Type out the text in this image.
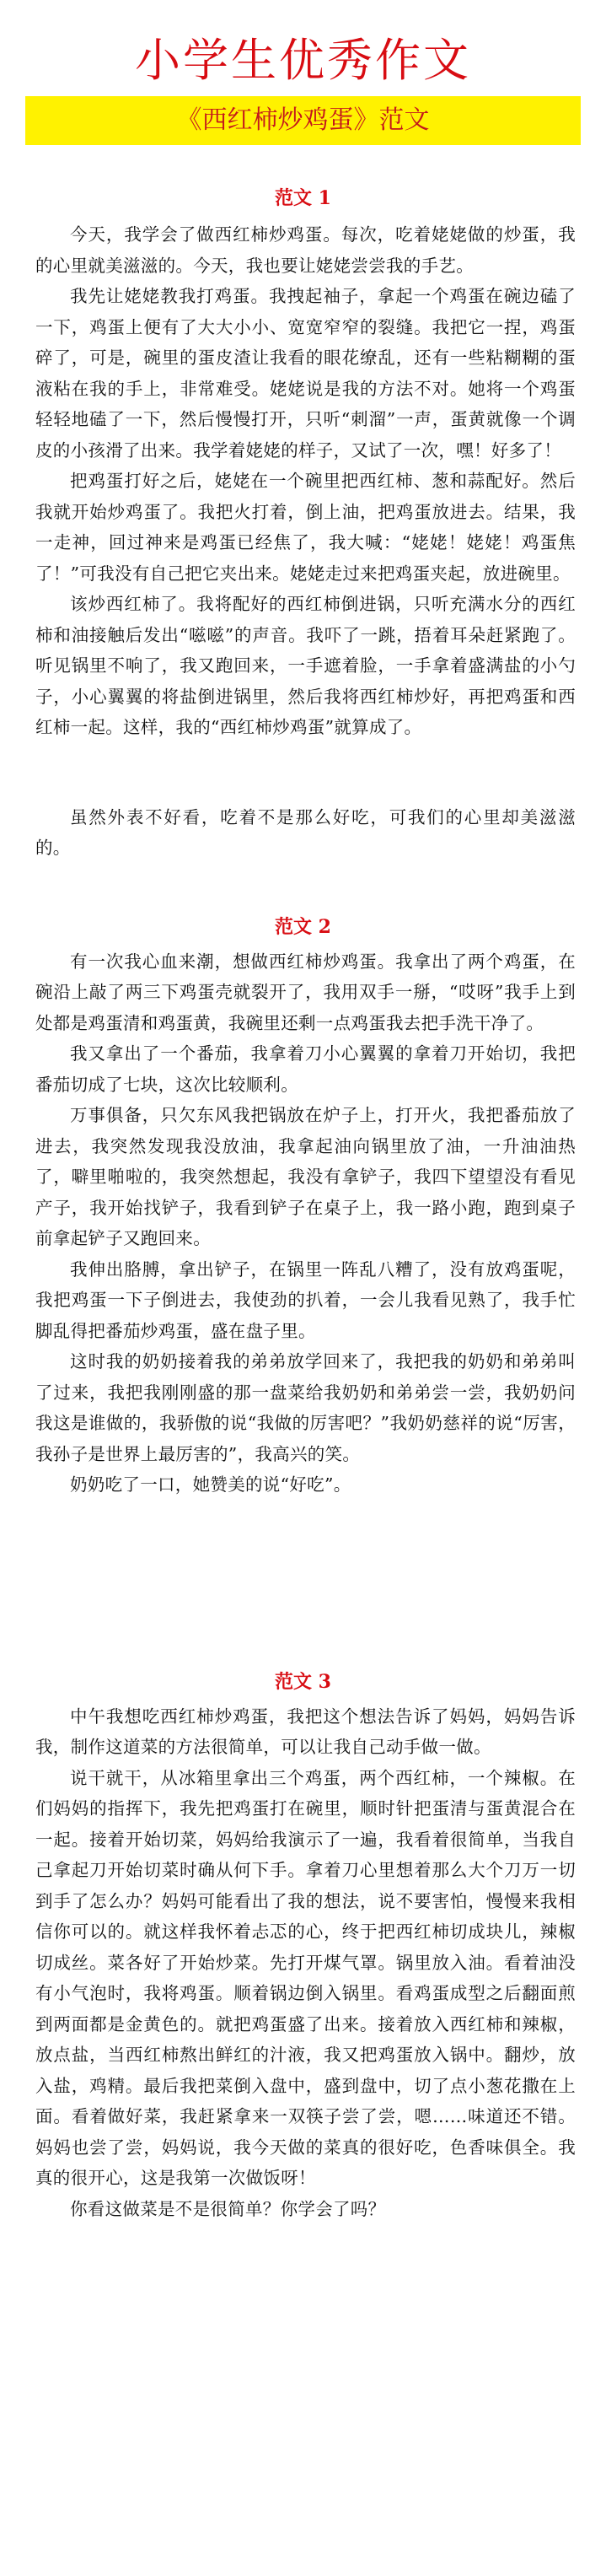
小学生优秀作文
《西红柿炒鸡蛋》范文
范文 1

今天，我学会了做西红柿炒鸡蛋。每次，吃着姥姥做的炒蛋，我的心里就美滋滋的。今天，我也要让姥姥尝尝我的手艺。

我先让姥姥教我打鸡蛋。我拽起袖子，拿起一个鸡蛋在碗边磕了一下，鸡蛋上便有了大大小小、宽宽窄窄的裂缝。我把它一捏，鸡蛋碎了，可是，碗里的蛋皮渣让我看的眼花缭乱，还有一些粘糊糊的蛋液粘在我的手上，非常难受。姥姥说是我的方法不对。她将一个鸡蛋轻轻地磕了一下，然后慢慢打开，只听“刺溜”一声，蛋黄就像一个调皮的小孩滑了出来。我学着姥姥的样子，又试了一次，嘿！好多了！

把鸡蛋打好之后，姥姥在一个碗里把西红柿、葱和蒜配好。然后我就开始炒鸡蛋了。我把火打着，倒上油，把鸡蛋放进去。结果，我一走神，回过神来是鸡蛋已经焦了，我大喊：“姥姥！姥姥！鸡蛋焦了！”可我没有自己把它夹出来。姥姥走过来把鸡蛋夹起，放进碗里。

该炒西红柿了。我将配好的西红柿倒进锅，只听充满水分的西红柿和油接触后发出“嗞嗞”的声音。我吓了一跳，捂着耳朵赶紧跑了。听见锅里不响了，我又跑回来，一手遮着脸，一手拿着盛满盐的小勺子，小心翼翼的将盐倒进锅里，然后我将西红柿炒好，再把鸡蛋和西红柿一起。这样，我的“西红柿炒鸡蛋”就算成了。

虽然外表不好看，吃着不是那么好吃，可我们的心里却美滋滋的。

范文 2

有一次我心血来潮，想做西红柿炒鸡蛋。我拿出了两个鸡蛋，在碗沿上敲了两三下鸡蛋壳就裂开了，我用双手一掰，“哎呀”我手上到处都是鸡蛋清和鸡蛋黄，我碗里还剩一点鸡蛋我去把手洗干净了。

我又拿出了一个番茄，我拿着刀小心翼翼的拿着刀开始切，我把番茄切成了七块，这次比较顺利。

万事俱备，只欠东风我把锅放在炉子上，打开火，我把番茄放了进去，我突然发现我没放油，我拿起油向锅里放了油，一升油油热了，噼里啪啦的，我突然想起，我没有拿铲子，我四下望望没有看见产子，我开始找铲子，我看到铲子在桌子上，我一路小跑，跑到桌子前拿起铲子又跑回来。

我伸出胳膊，拿出铲子，在锅里一阵乱八糟了，没有放鸡蛋呢，我把鸡蛋一下子倒进去，我使劲的扒着，一会儿我看见熟了，我手忙脚乱得把番茄炒鸡蛋，盛在盘子里。

这时我的奶奶接着我的弟弟放学回来了，我把我的奶奶和弟弟叫了过来，我把我刚刚盛的那一盘菜给我奶奶和弟弟尝一尝，我奶奶问我这是谁做的，我骄傲的说“我做的厉害吧？”我奶奶慈祥的说“厉害，我孙子是世界上最厉害的”，我高兴的笑。

奶奶吃了一口，她赞美的说“好吃”。

范文 3

中午我想吃西红柿炒鸡蛋，我把这个想法告诉了妈妈，妈妈告诉我，制作这道菜的方法很简单，可以让我自己动手做一做。

说干就干，从冰箱里拿出三个鸡蛋，两个西红柿，一个辣椒。在们妈妈的指挥下，我先把鸡蛋打在碗里，顺时针把蛋清与蛋黄混合在一起。接着开始切菜，妈妈给我演示了一遍，我看着很简单，当我自己拿起刀开始切菜时确从何下手。拿着刀心里想着那么大个刀万一切到手了怎么办？妈妈可能看出了我的想法，说不要害怕，慢慢来我相信你可以的。就这样我怀着忐忑的心，终于把西红柿切成块儿，辣椒切成丝。菜各好了开始炒菜。先打开煤气罩。锅里放入油。看着油没有小气泡时，我将鸡蛋。顺着锅边倒入锅里。看鸡蛋成型之后翻面煎到两面都是金黄色的。就把鸡蛋盛了出来。接着放入西红柿和辣椒，放点盐，当西红柿熬出鲜红的汁液，我又把鸡蛋放入锅中。翻炒，放入盐，鸡精。最后我把菜倒入盘中，盛到盘中，切了点小葱花撒在上面。看着做好菜，我赶紧拿来一双筷子尝了尝，嗯……味道还不错。妈妈也尝了尝，妈妈说，我今天做的菜真的很好吃，色香味俱全。我真的很开心，这是我第一次做饭呀！

你看这做菜是不是很简单？你学会了吗？
